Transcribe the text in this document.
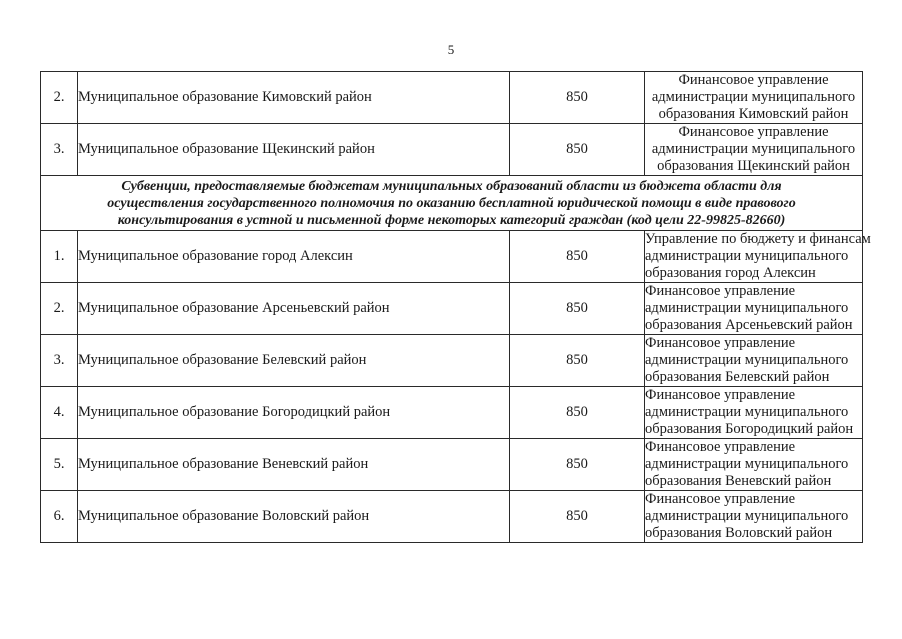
5
2.	Муниципальное образование Кимовский район	850	Финансовое управление
администрации муниципального
образования Кимовский район

3.	Муниципальное образование Щекинский район	850	Финансовое управление
администрации муниципального
образования Щекинский район

Субвенции, предоставляемые бюджетам муниципальных образований области из бюджета области для
осуществления государственного полномочия по оказанию бесплатной юридической помощи в виде правового
консультирования в устной и письменной форме некоторых категорий граждан (код цели 22-99825-82660)			

1.	Муниципальное образование город Алексин	850	Управление по бюджету и финансам
администрации муниципального
образования город Алексин

2.	Муниципальное образование Арсеньевский район	850	Финансовое управление
администрации муниципального
образования Арсеньевский район

3.	Муниципальное образование Белевский район	850	Финансовое управление
администрации муниципального
образования Белевский район

4.	Муниципальное образование Богородицкий район	850	Финансовое управление
администрации муниципального
образования Богородицкий район

5.	Муниципальное образование Веневский район	850	Финансовое управление
администрации муниципального
образования Веневский район

6.	Муниципальное образование Воловский район	850	Финансовое управление
администрации муниципального
образования Воловский район
